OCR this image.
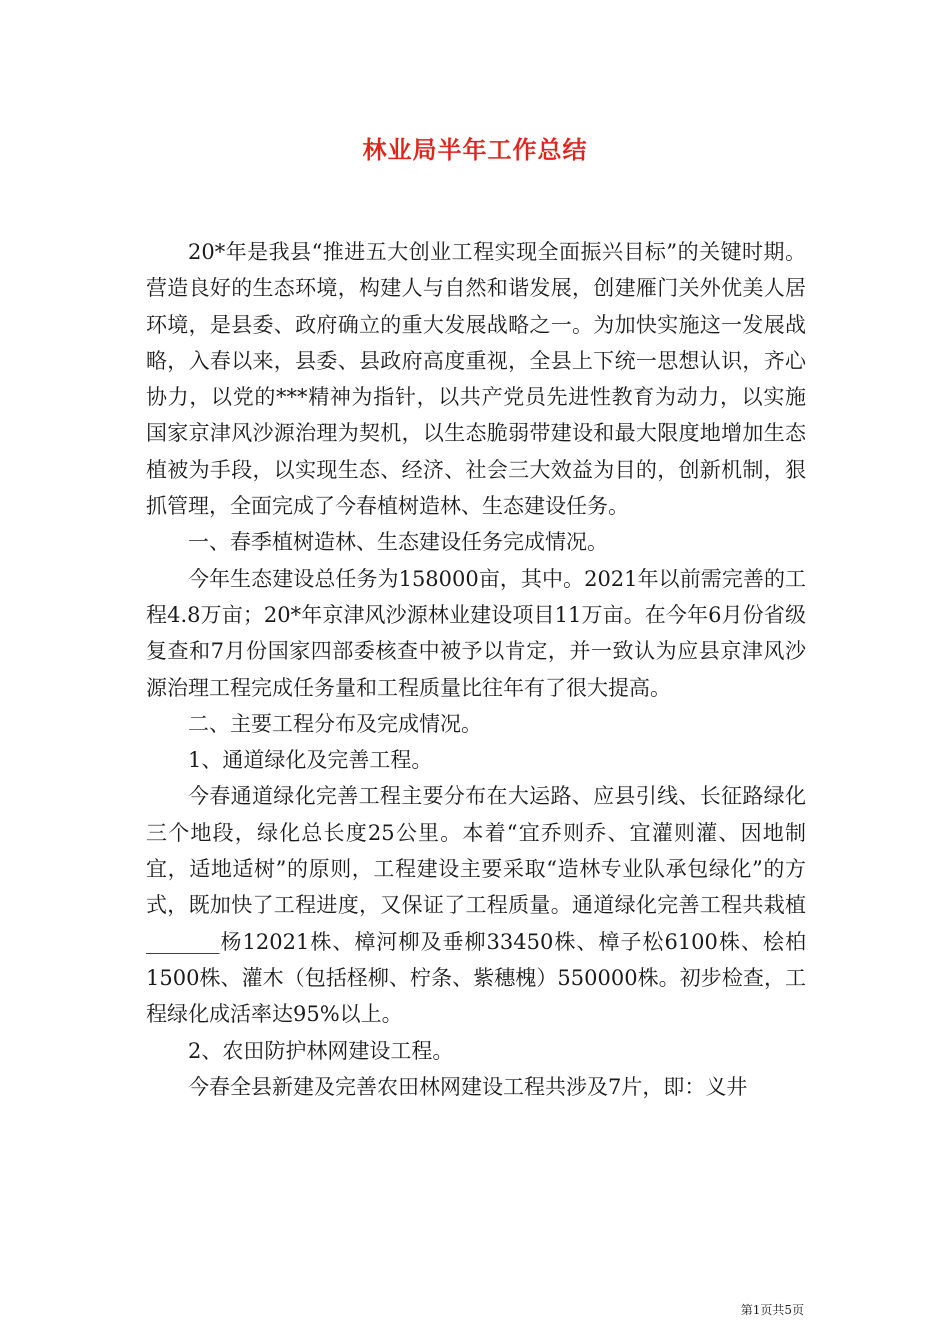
林业局半年工作总结

20*年是我县“推进五大创业工程实现全面振兴目标”的关键时期。营造良好的生态环境，构建人与自然和谐发展，创建雁门关外优美人居环境，是县委、政府确立的重大发展战略之一。为加快实施这一发展战略，入春以来，县委、县政府高度重视，全县上下统一思想认识，齐心协力，以党的***精神为指针，以共产党员先进性教育为动力，以实施国家京津风沙源治理为契机，以生态脆弱带建设和最大限度地增加生态植被为手段，以实现生态、经济、社会三大效益为目的，创新机制，狠抓管理，全面完成了今春植树造林、生态建设任务。

一、春季植树造林、生态建设任务完成情况。

今年生态建设总任务为158000亩，其中。2021年以前需完善的工程4.8万亩；20*年京津风沙源林业建设项目11万亩。在今年6月份省级复查和7月份国家四部委核查中被予以肯定，并一致认为应县京津风沙源治理工程完成任务量和工程质量比往年有了很大提高。

二、主要工程分布及完成情况。

1、通道绿化及完善工程。

今春通道绿化完善工程主要分布在大运路、应县引线、长征路绿化三个地段，绿化总长度25公里。本着“宜乔则乔、宜灌则灌、因地制宜，适地适树”的原则，工程建设主要采取“造林专业队承包绿化”的方式，既加快了工程进度，又保证了工程质量。通道绿化完善工程共栽植_______杨12021株、樟河柳及垂柳33450株、樟子松6100株、桧柏1500株、灌木（包括柽柳、柠条、紫穗槐）550000株。初步检查，工程绿化成活率达95%以上。

2、农田防护林网建设工程。

今春全县新建及完善农田林网建设工程共涉及7片，即：义井

第1页共5页
